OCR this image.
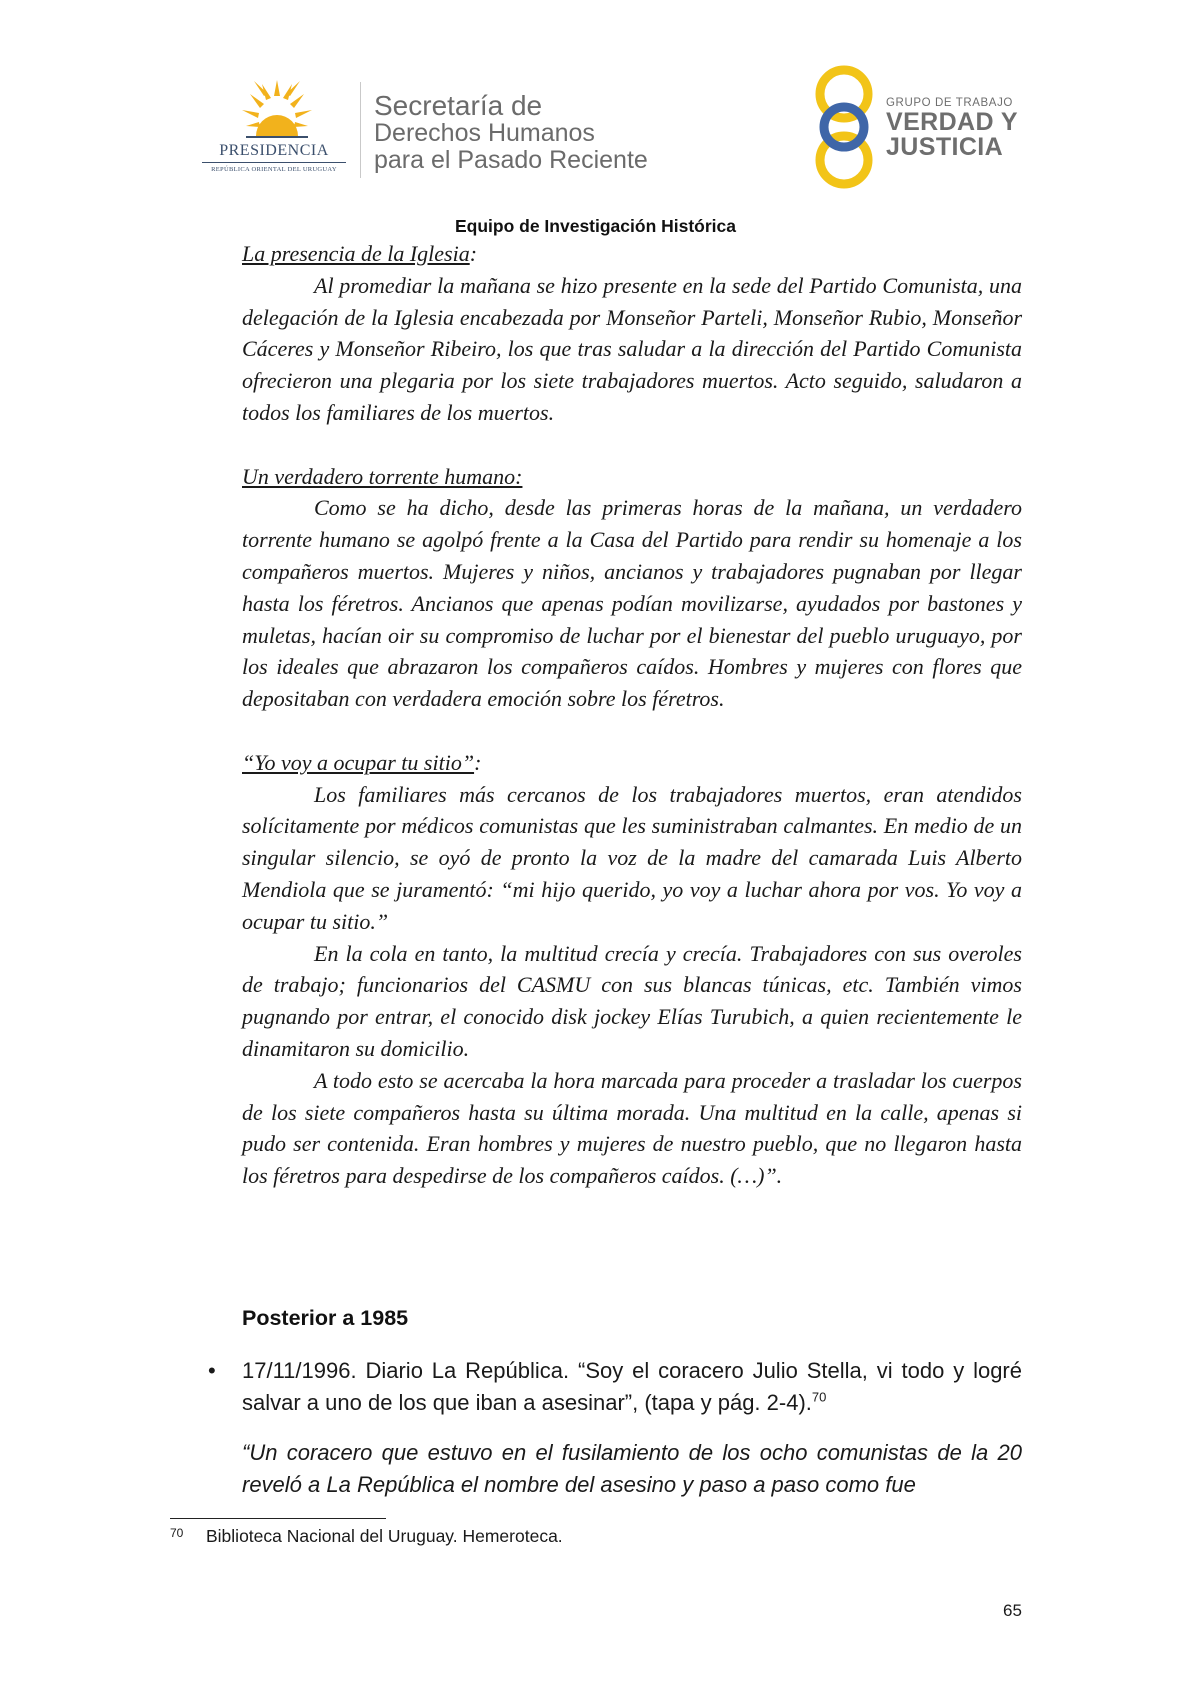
PRESIDENCIA
REPÚBLICA ORIENTAL DEL URUGUAY
Secretaría de
Derechos Humanos
para el Pasado Reciente
GRUPO DE TRABAJO
VERDAD Y
JUSTICIA
Equipo de Investigación Histórica

La presencia de la Iglesia:

Al promediar la mañana se hizo presente en la sede del Partido Comunista, una delegación de la Iglesia encabezada por Monseñor Parteli, Monseñor Rubio, Monseñor Cáceres y Monseñor Ribeiro, los que tras saludar a la dirección del Partido Comunista ofrecieron una plegaria por los siete trabajadores muertos. Acto seguido, saludaron a todos los familiares de los muertos.

Un verdadero torrente humano:

Como se ha dicho, desde las primeras horas de la mañana, un verdadero torrente humano se agolpó frente a la Casa del Partido para rendir su homenaje a los compañeros muertos. Mujeres y niños, ancianos y trabajadores pugnaban por llegar hasta los féretros. Ancianos que apenas podían movilizarse, ayudados por bastones y muletas, hacían oir su compromiso de luchar por el bienestar del pueblo uruguayo, por los ideales que abrazaron los compañeros caídos. Hombres y mujeres con flores que depositaban con verdadera emoción sobre los féretros.

“Yo voy a ocupar tu sitio”:

Los familiares más cercanos de los trabajadores muertos, eran atendidos solícitamente por médicos comunistas que les suministraban calmantes. En medio de un singular silencio, se oyó de pronto la voz de la madre del camarada Luis Alberto Mendiola que se juramentó: “mi hijo querido, yo voy a luchar ahora por vos. Yo voy a ocupar tu sitio.”

En la cola en tanto, la multitud crecía y crecía. Trabajadores con sus overoles de trabajo; funcionarios del CASMU con sus blancas túnicas, etc. También vimos pugnando por entrar, el conocido disk jockey Elías Turubich, a quien recientemente le dinamitaron su domicilio.

A todo esto se acercaba la hora marcada para proceder a trasladar los cuerpos de los siete compañeros hasta su última morada. Una multitud en la calle, apenas si pudo ser contenida. Eran hombres y mujeres de nuestro pueblo, que no llegaron hasta los féretros para despedirse de los compañeros caídos. (…)”.

Posterior a 1985
•	17/11/1996. Diario La República. “Soy el coracero Julio Stella, vi todo y logré salvar a uno de los que iban a asesinar”, (tapa y pág. 2-4).$^{70}$
“Un coracero que estuvo en el fusilamiento de los ocho comunistas de la 20 reveló a La República el nombre del asesino y paso a paso como fue
70 Biblioteca Nacional del Uruguay. Hemeroteca.
65
